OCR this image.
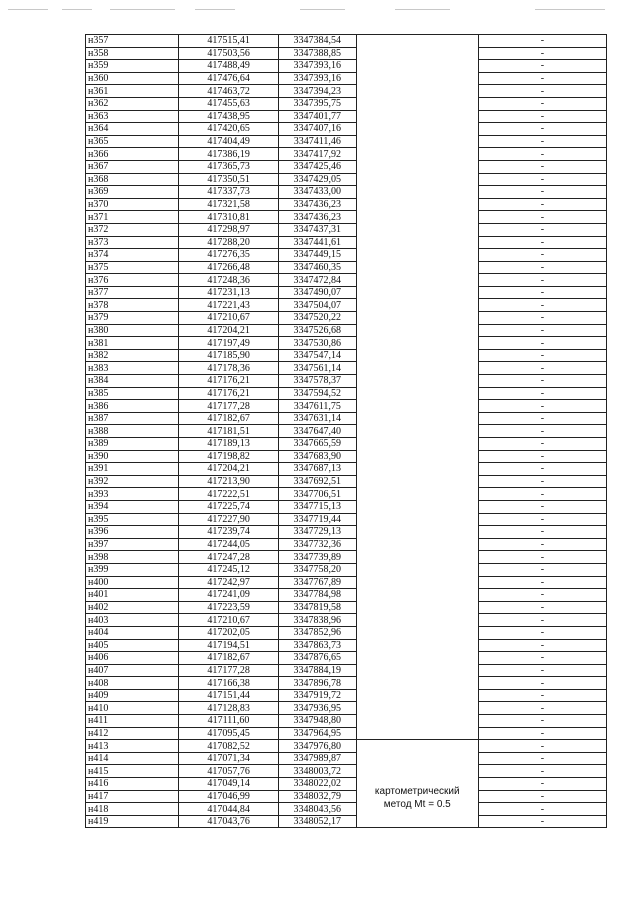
н357	417515,41	3347384,54		-
н358	417503,56	3347388,85		-
н359	417488,49	3347393,16		-
н360	417476,64	3347393,16		-
н361	417463,72	3347394,23		-
н362	417455,63	3347395,75		-
н363	417438,95	3347401,77		-
н364	417420,65	3347407,16		-
н365	417404,49	3347411,46		-
н366	417386,19	3347417,92		-
н367	417365,73	3347425,46		-
н368	417350,51	3347429,05		-
н369	417337,73	3347433,00		-
н370	417321,58	3347436,23		-
н371	417310,81	3347436,23		-
н372	417298,97	3347437,31		-
н373	417288,20	3347441,61		-
н374	417276,35	3347449,15		-
н375	417266,48	3347460,35		-
н376	417248,36	3347472,84		-
н377	417231,13	3347490,07		-
н378	417221,43	3347504,07		-
н379	417210,67	3347520,22		-
н380	417204,21	3347526,68		-
н381	417197,49	3347530,86		-
н382	417185,90	3347547,14		-
н383	417178,36	3347561,14		-
н384	417176,21	3347578,37		-
н385	417176,21	3347594,52		-
н386	417177,28	3347611,75		-
н387	417182,67	3347631,14		-
н388	417181,51	3347647,40		-
н389	417189,13	3347665,59		-
н390	417198,82	3347683,90		-
н391	417204,21	3347687,13		-
н392	417213,90	3347692,51		-
н393	417222,51	3347706,51		-
н394	417225,74	3347715,13		-
н395	417227,90	3347719,44		-
н396	417239,74	3347729,13		-
н397	417244,05	3347732,36		-
н398	417247,28	3347739,89		-
н399	417245,12	3347758,20		-
н400	417242,97	3347767,89		-
н401	417241,09	3347784,98		-
н402	417223,59	3347819,58		-
н403	417210,67	3347838,96		-
н404	417202,05	3347852,96		-
н405	417194,51	3347863,73		-
н406	417182,67	3347876,65		-
н407	417177,28	3347884,19		-
н408	417166,38	3347896,78		-
н409	417151,44	3347919,72		-
н410	417128,83	3347936,95		-
н411	417111,60	3347948,80		-
н412	417095,45	3347964,95		-
н413	417082,52	3347976,80	картометрический
метод Mt = 0.5	-
н414	417071,34	3347989,87		-
н415	417057,76	3348003,72		-
н416	417049,14	3348022,02		-
н417	417046,99	3348032,79		-
н418	417044,84	3348043,56		-
н419	417043,76	3348052,17		-
